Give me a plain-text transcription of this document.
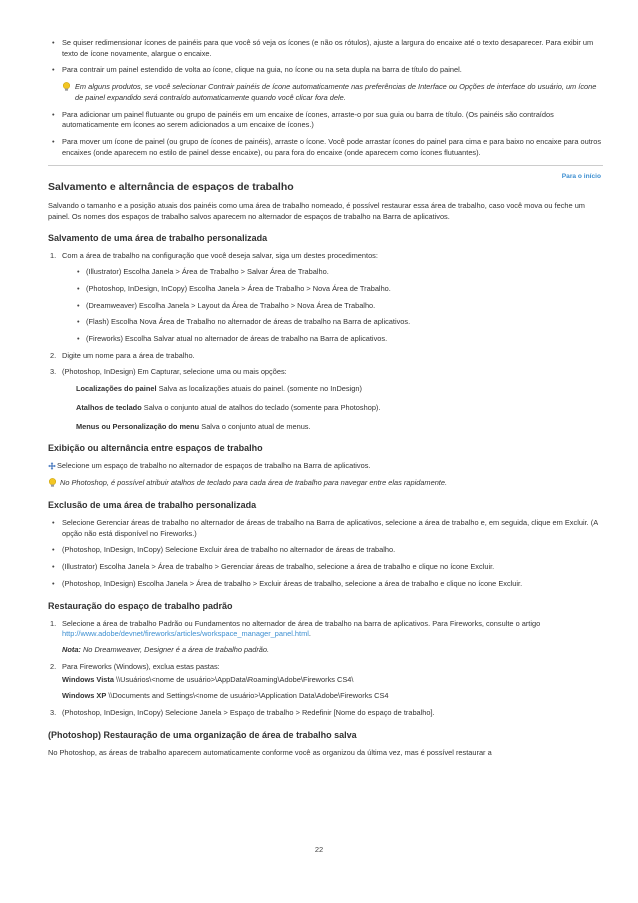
• Se quiser redimensionar ícones de painéis para que você só veja os ícones (e não os rótulos), ajuste a largura do encaixe até o texto desaparecer. Para exibir um texto de ícone novamente, alargue o encaixe.
• Para contrair um painel estendido de volta ao ícone, clique na guia, no ícone ou na seta dupla na barra de título do painel.
Em alguns produtos, se você selecionar Contrair painéis de ícone automaticamente nas preferências de Interface ou Opções de interface do usuário, um ícone de painel expandido será contraído automaticamente quando você clicar fora dele.
• Para adicionar um painel flutuante ou grupo de painéis em um encaixe de ícones, arraste-o por sua guia ou barra de título. (Os painéis são contraídos automaticamente em ícones ao serem adicionados a um encaixe de ícones.)
• Para mover um ícone de painel (ou grupo de ícones de painéis), arraste o ícone. Você pode arrastar ícones do painel para cima e para baixo no encaixe para outros encaixes (onde aparecem no estilo de painel desse encaixe), ou para fora do encaixe (onde aparecem como ícones flutuantes).
Para o início
Salvamento e alternância de espaços de trabalho

Salvando o tamanho e a posição atuais dos painéis como uma área de trabalho nomeado, é possível restaurar essa área de trabalho, caso você mova ou feche um painel. Os nomes dos espaços de trabalho salvos aparecem no alternador de espaços de trabalho na Barra de aplicativos.

Salvamento de uma área de trabalho personalizada
1. Com a área de trabalho na configuração que você deseja salvar, siga um destes procedimentos:
• (Illustrator) Escolha Janela > Área de Trabalho > Salvar Área de Trabalho.
• (Photoshop, InDesign, InCopy) Escolha Janela > Área de Trabalho > Nova Área de Trabalho.
• (Dreamweaver) Escolha Janela > Layout da Área de Trabalho > Nova Área de Trabalho.
• (Flash) Escolha Nova Área de Trabalho no alternador de áreas de trabalho na Barra de aplicativos.
• (Fireworks) Escolha Salvar atual no alternador de áreas de trabalho na Barra de aplicativos.
2. Digite um nome para a área de trabalho.
3. (Photoshop, InDesign) Em Capturar, selecione uma ou mais opções:
Localizações do painel Salva as localizações atuais do painel. (somente no InDesign)
Atalhos de teclado Salva o conjunto atual de atalhos do teclado (somente para Photoshop).
Menus ou Personalização do menu Salva o conjunto atual de menus.
Exibição ou alternância entre espaços de trabalho

Selecione um espaço de trabalho no alternador de espaços de trabalho na Barra de aplicativos.

No Photoshop, é possível atribuir atalhos de teclado para cada área de trabalho para navegar entre elas rapidamente.
Exclusão de uma área de trabalho personalizada
• Selecione Gerenciar áreas de trabalho no alternador de áreas de trabalho na Barra de aplicativos, selecione a área de trabalho e, em seguida, clique em Excluir. (A opção não está disponível no Fireworks.)
• (Photoshop, InDesign, InCopy) Selecione Excluir área de trabalho no alternador de áreas de trabalho.
• (Illustrator) Escolha Janela > Área de trabalho > Gerenciar áreas de trabalho, selecione a área de trabalho e clique no ícone Excluir.
• (Photoshop, InDesign) Escolha Janela > Área de trabalho > Excluir áreas de trabalho, selecione a área de trabalho e clique no ícone Excluir.
Restauração do espaço de trabalho padrão
1. Selecione a área de trabalho Padrão ou Fundamentos no alternador de área de trabalho na barra de aplicativos. Para Fireworks, consulte o artigo http://www.adobe/devnet/fireworks/articles/workspace_manager_panel.html.
Nota: No Dreamweaver, Designer é a área de trabalho padrão.
2. Para Fireworks (Windows), exclua estas pastas:
Windows Vista \\Usuários\<nome de usuário>\AppData\Roaming\Adobe\Fireworks CS4\
Windows XP \\Documents and Settings\<nome de usuário>\Application Data\Adobe\Fireworks CS4
3. (Photoshop, InDesign, InCopy) Selecione Janela > Espaço de trabalho > Redefinir [Nome do espaço de trabalho].
(Photoshop) Restauração de uma organização de área de trabalho salva

No Photoshop, as áreas de trabalho aparecem automaticamente conforme você as organizou da última vez, mas é possível restaurar a

22
